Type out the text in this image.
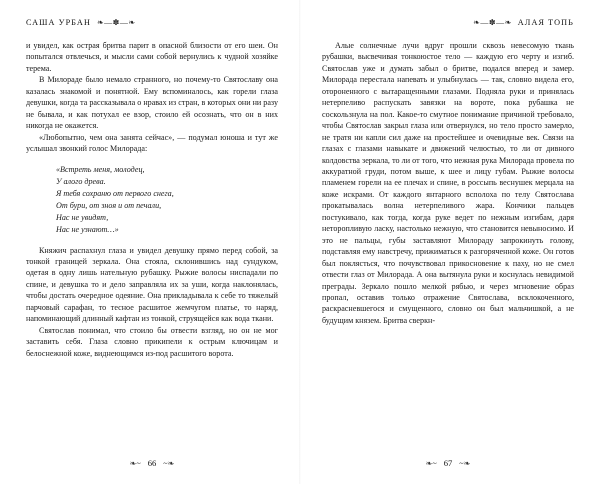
САША УРБАН ❧—✽—❧

и увидел, как острая бритва парит в опасной близости от его шеи. Он попытался отвлечься, и мысли сами собой вернулись к чудной хозяйке терема.

В Милораде было немало странного, но почему-то Святославу она казалась знакомой и понятной. Ему вспоминалось, как горели глаза девушки, когда та рассказывала о нравах из стран, в которых они ни разу не бывала, и как потухал ее взор, стоило ей осознать, что он в них никогда не окажется.

«Любопытно, чем она занята сейчас», — подумал юноша и тут же услышал звонкий голос Милорада:

«Встреть меня, молодец,
У алого древа.
Я тебя сохраню от первого снега,
От бури, от зноя и от печали,
Нас не увидят,
Нас не узнают…»

Княжич распахнул глаза и увидел девушку прямо перед собой, за тонкой границей зеркала. Она стояла, склонившись над сундуком, одетая в одну лишь нательную рубашку. Рыжие волосы ниспадали по спине, и девушка то и дело заправляла их за уши, когда наклонялась, чтобы достать очередное одеяние. Она прикладывала к себе то тяжелый парчовый сарафан, то тесное расшитое жемчугом платье, то наряд, напоминающий длинный кафтан из тонкой, струящейся как вода ткани.

Святослав понимал, что стоило бы отвести взгляд, но он не мог заставить себя. Глаза словно прикипели к острым ключицам и белоснежной коже, виднеющимся из-под расшитого ворота.

❧~ 66 ~❧
❧—✽—❧ АЛАЯ ТОПЬ

Алые солнечные лучи вдруг прошли сквозь невесомую ткань рубашки, высвечивая тонкоюстое тело — каждую его черту и изгиб. Святослав уже и думать забыл о бритве, подался вперед и замер. Милорада перестала напевать и улыбнулась — так, словно видела его, отороненного с вытаращенными глазами. Подняла руки и принялась нетерпеливо распускать завязки на вороте, пока рубашка не соскользнула на пол. Какое-то смутное понимание причиной требовало, чтобы Святослав закрыл глаза или отвернулся, но тело просто замерло, не тратя ни капли сил даже на простейшее и очевидные век. Связи на глазах с глазами навыкате и движений челюстью, то ли от дивного колдовства зеркала, то ли от того, что нежная рука Милорада провела по аккуратной груди, потом выше, к шее и лицу губам. Рыжие волосы пламенем горели на ее плечах и спине, в россыпь веснушек мерцала на коже искрами. От каждого янтарного всполоха по телу Святослава прокатывалась волна нетерпеливого жара. Кончики пальцев постукивало, как тогда, когда руке ведет по нежным изгибам, даря неторопливую ласку, настолько нежную, что становится невыносимо. И это не пальцы, губы заставляют Милораду запрокинуть голову, подставляя ему навстречу, прижиматься к разгоряченной коже. Он готов был поклясться, что почувствовал прикосновение к паху, но не смел отвести глаз от Милорада. А она вытянула руки и коснулась невидимой преграды. Зеркало пошло мелкой рябью, и через мгновение образ пропал, оставив только отражение Святослава, всклокоченного, раскрасневшегося и смущенного, словно он был мальчишкой, а не будущим князем. Бритва сверкн-

❧~ 67 ~❧
